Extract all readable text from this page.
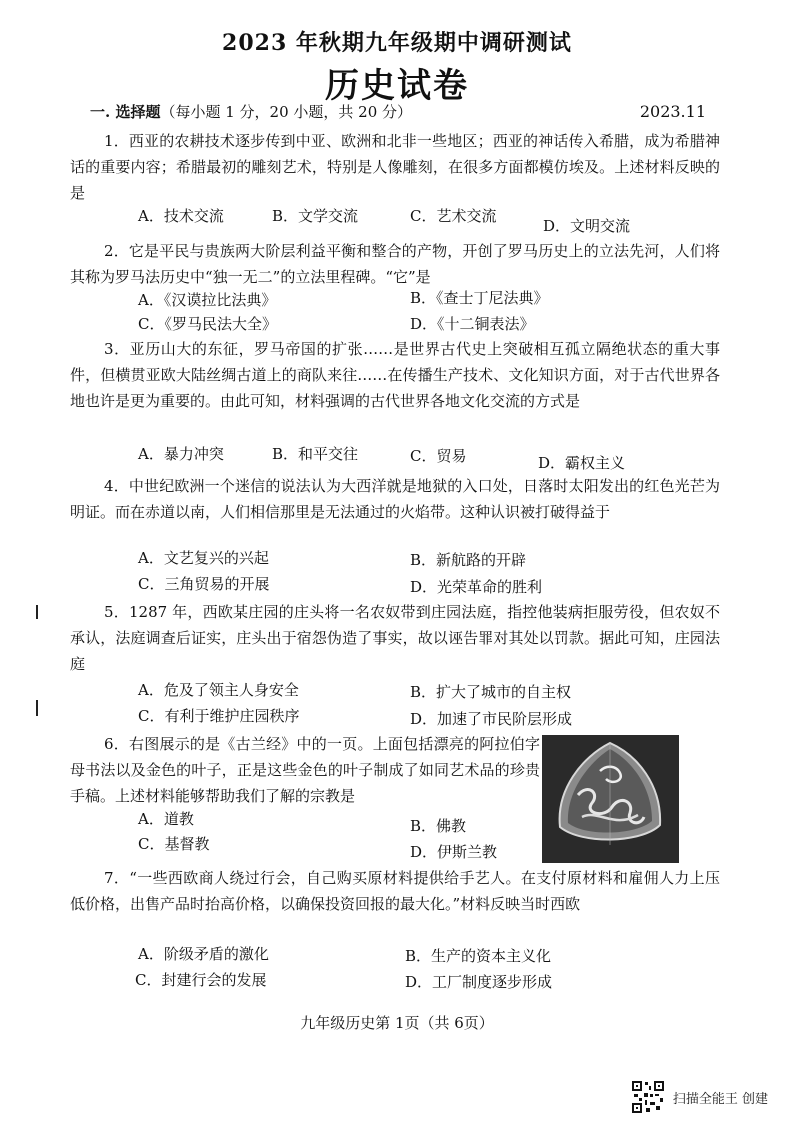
2023 年秋期九年级期中调研测试
历史试卷
一. 选择题（每小题 1 分，20 小题，共 20 分）	2023.11
1．西亚的农耕技术逐步传到中亚、欧洲和北非一些地区；西亚的神话传入希腊，成为希腊神话的重要内容；希腊最初的雕刻艺术，特别是人像雕刻，在很多方面都模仿埃及。上述材料反映的是
A．技术交流	B．文学交流	C．艺术交流
D．文明交流
2．它是平民与贵族两大阶层利益平衡和整合的产物，开创了罗马历史上的立法先河，人们将其称为罗马法历史中“独一无二”的立法里程碑。“它”是
A．《汉谟拉比法典》	B．《查士丁尼法典》
C．《罗马民法大全》	D．《十二铜表法》
3．亚历山大的东征，罗马帝国的扩张……是世界古代史上突破相互孤立隔绝状态的重大事件，但横贯亚欧大陆丝绸古道上的商队来往……在传播生产技术、文化知识方面，对于古代世界各地也许是更为重要的。由此可知，材料强调的古代世界各地文化交流的方式是
A．暴力冲突	B．和平交往	C．贸易	D．霸权主义
4．中世纪欧洲一个迷信的说法认为大西洋就是地狱的入口处，日落时太阳发出的红色光芒为明证。而在赤道以南，人们相信那里是无法通过的火焰带。这种认识被打破得益于
A．文艺复兴的兴起	B．新航路的开辟
C．三角贸易的开展	D．光荣革命的胜利
5．1287 年，西欧某庄园的庄头将一名农奴带到庄园法庭，指控他装病拒服劳役，但农奴不承认，法庭调查后证实，庄头出于宿怨伪造了事实，故以诬告罪对其处以罚款。据此可知，庄园法庭
A．危及了领主人身安全	B．扩大了城市的自主权
C．有利于维护庄园秩序	D．加速了市民阶层形成
6．右图展示的是《古兰经》中的一页。上面包括漂亮的阿拉伯字母书法以及金色的叶子，正是这些金色的叶子制成了如同艺术品的珍贵手稿。上述材料能够帮助我们了解的宗教是
A．道教	B．佛教
C．基督教	D．伊斯兰教
7．“一些西欧商人绕过行会，自己购买原材料提供给手艺人。在支付原材料和雇佣人力上压低价格，出售产品时抬高价格，以确保投资回报的最大化。”材料反映当时西欧
A．阶级矛盾的激化	B．生产的资本主义化
C．封建行会的发展	D．工厂制度逐步形成
九年级历史第 1页（共 6页）
扫描全能王 创建
